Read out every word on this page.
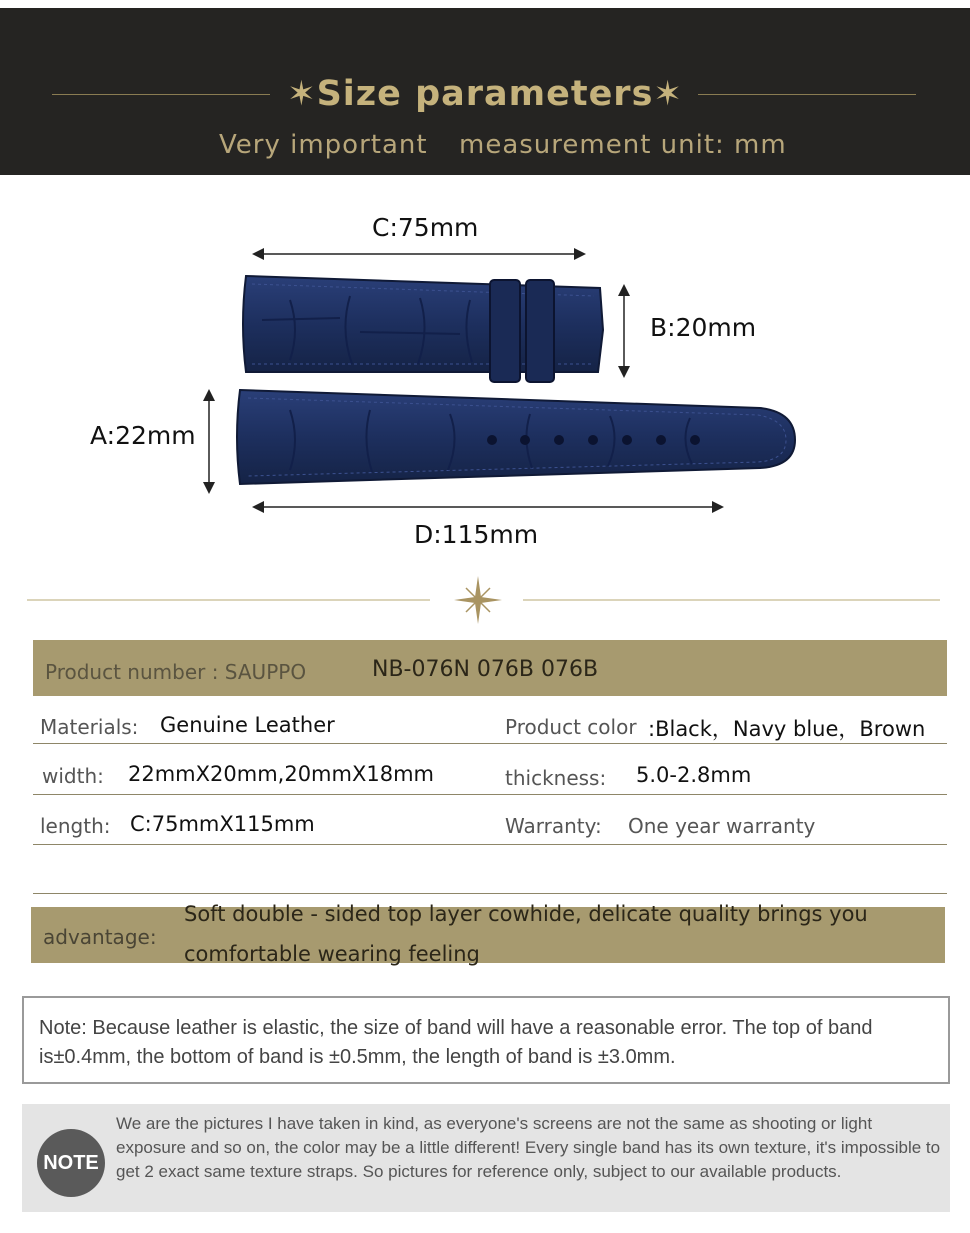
✶Size parameters✶
Very important measurement unit: mm
C:75mm
B:20mm
A:22mm
D:115mm
Product number : SAUPPO	NB-076N 076B 076B
Materials: Genuine Leather	Product color :Black，Navy blue，Brown
width: 22mmX20mm,20mmX18mm	thickness: 5.0-2.8mm
length: C:75mmX115mm	Warranty: One year warranty
advantage:
Soft double - sided top layer cowhide, delicate quality brings you
comfortable wearing feeling
Note: Because leather is elastic, the size of band will have a reasonable error. The top of band is±0.4mm, the bottom of band is ±0.5mm, the length of band is ±3.0mm.
NOTE
We are the pictures I have taken in kind, as everyone's screens are not the same as shooting or light exposure and so on, the color may be a little different! Every single band has its own texture, it's impossible to get 2 exact same texture straps. So pictures for reference only, subject to our available products.
